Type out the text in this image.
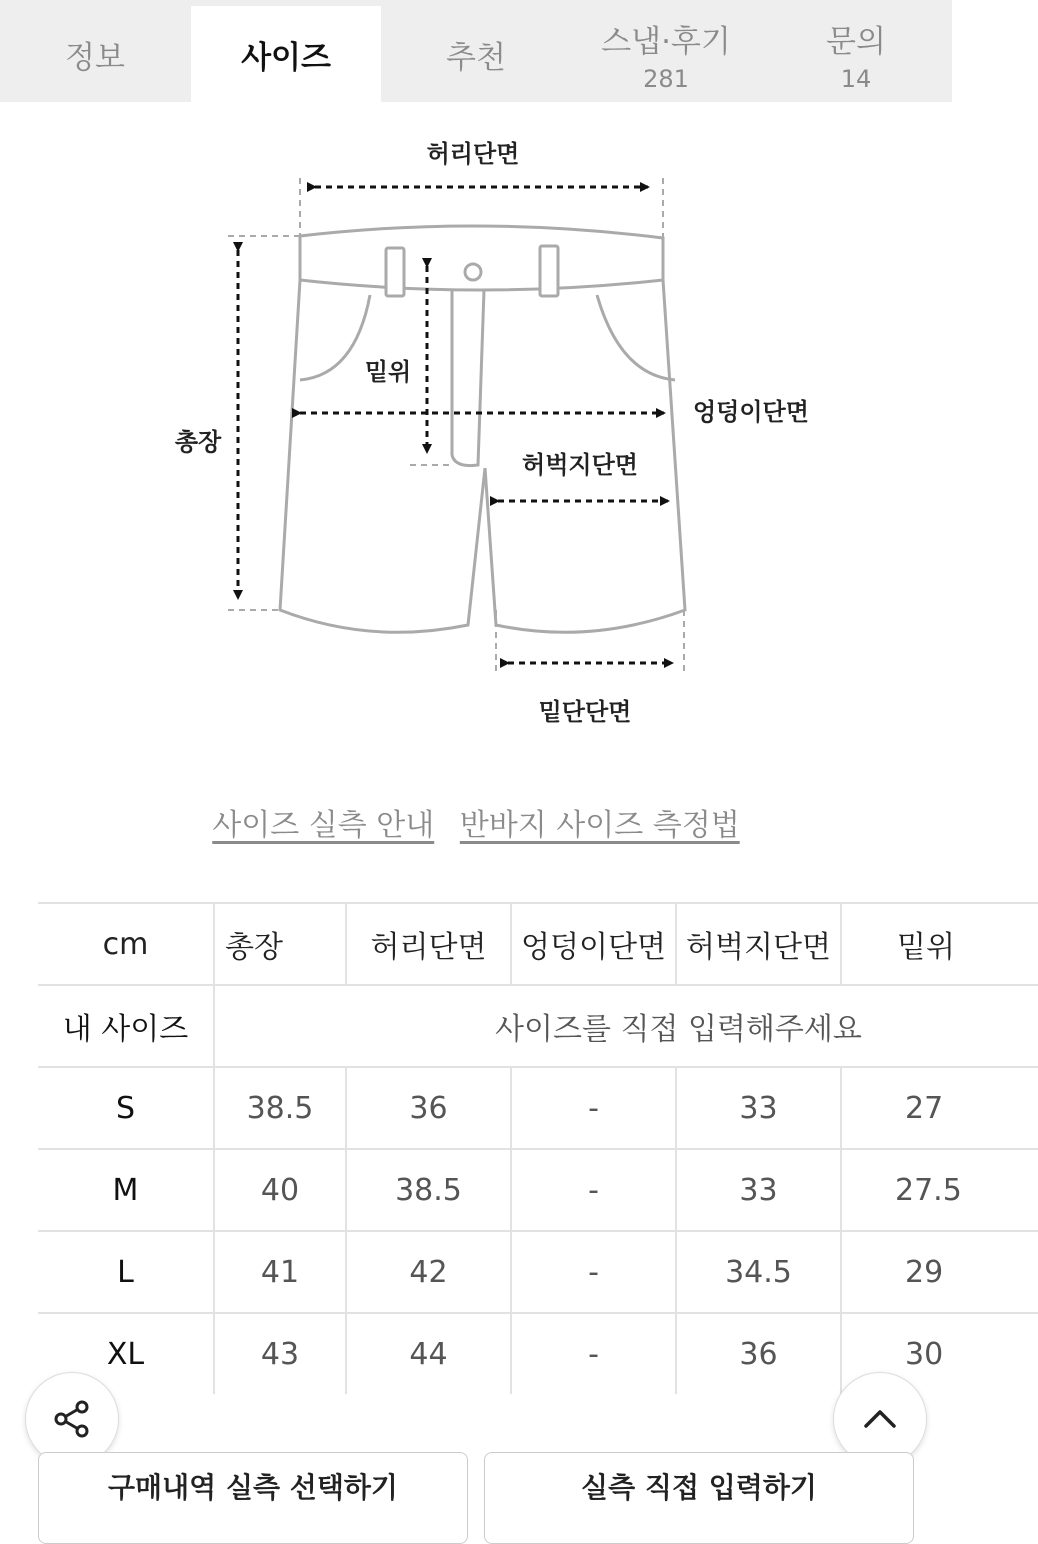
정보	사이즈	추천	스냅·후기
281
문의
14
허리단면
밑위
총장
엉덩이단면
허벅지단면
밑단단면
사이즈 실측 안내 반바지 사이즈 측정법
cm	총장	허리단면	엉덩이단면	허벅지단면	밑위
내 사이즈	사이즈를 직접 입력해주세요				
S	38.5	36	-	33	27
M	40	38.5	-	33	27.5
L	41	42	-	34.5	29
XL	43	44	-	36	30
구매내역 실측 선택하기	실측 직접 입력하기
